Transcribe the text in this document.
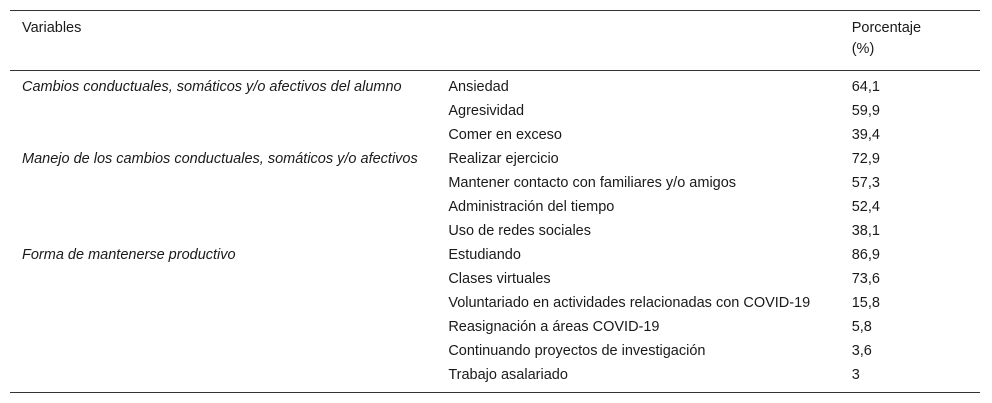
Variables		Porcentaje
(%)

Cambios conductuales, somáticos y/o afectivos del alumno	Ansiedad	64,1
	Agresividad	59,9
	Comer en exceso	39,4
Manejo de los cambios conductuales, somáticos y/o afectivos	Realizar ejercicio	72,9
	Mantener contacto con familiares y/o amigos	57,3
	Administración del tiempo	52,4
	Uso de redes sociales	38,1
Forma de mantenerse productivo	Estudiando	86,9
	Clases virtuales	73,6
	Voluntariado en actividades relacionadas con COVID-19	15,8
	Reasignación a áreas COVID-19	5,8
	Continuando proyectos de investigación	3,6
	Trabajo asalariado	3
